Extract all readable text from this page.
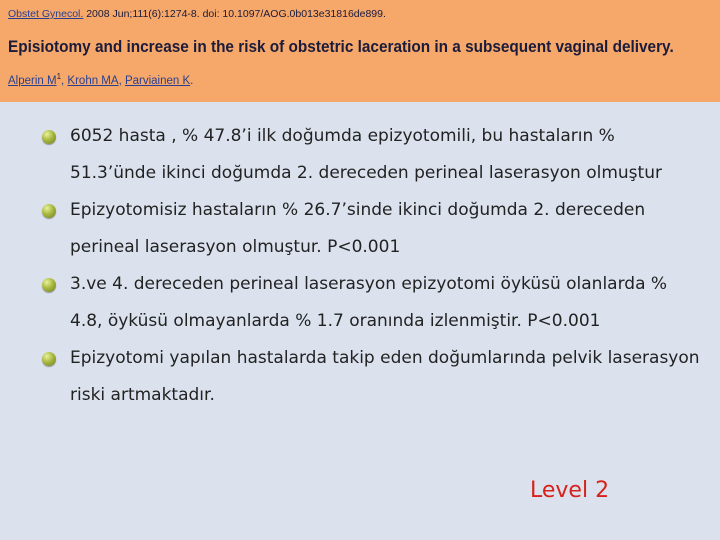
Obstet Gynecol. 2008 Jun;111(6):1274-8. doi: 10.1097/AOG.0b013e31816de899.
Episiotomy and increase in the risk of obstetric laceration in a subsequent vaginal delivery.
Alperin $M^1$, Krohn MA, Parviainen K.
6052 hasta , % 47.8’i ilk doğumda epizyotomili, bu hastaların % 51.3’ünde ikinci doğumda 2. dereceden perineal laserasyon olmuştur
Epizyotomisiz hastaların % 26.7’sinde ikinci doğumda 2. dereceden perineal laserasyon olmuştur. P<0.001
3.ve 4. dereceden perineal laserasyon epizyotomi öyküsü olanlarda % 4.8, öyküsü olmayanlarda % 1.7 oranında izlenmiştir. P<0.001
Epizyotomi yapılan hastalarda takip eden doğumlarında pelvik laserasyon riski artmaktadır.
Level 2
